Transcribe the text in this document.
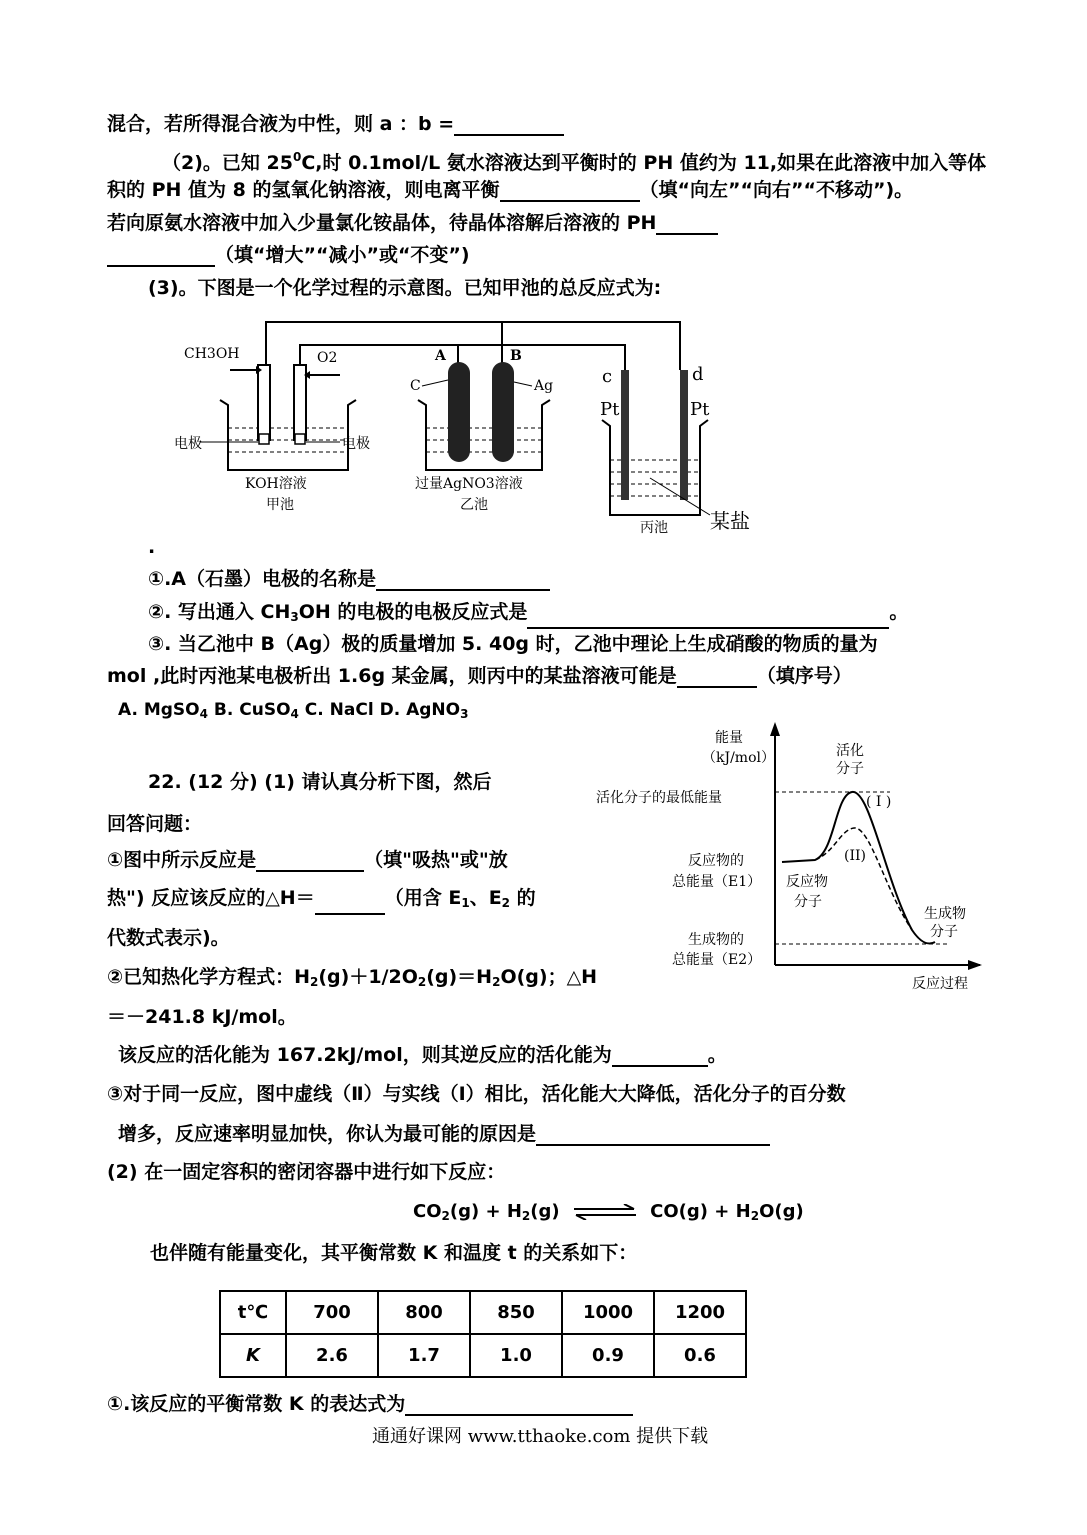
混合，若所得混合液为中性，则 a ：b =
（2)。已知 $25^0C$,时 0.1mol/L 氨水溶液达到平衡时的 PH 值约为 11,如果在此溶液中加入等体
积的 PH 值为 8 的氢氧化钠溶液，则电离平衡	（填“向左”“向右”“不移动”)。
若向原氨水溶液中加入少量氯化铵晶体，待晶体溶解后溶液的 PH
（填“增大”“减小”或“不变”)
(3)。下图是一个化学过程的示意图。已知甲池的总反应式为:
CH3OH	O2
电极	电极
KOH溶液
甲池
A	B
C	Ag
过量AgNO3溶液
乙池
c	d
Pt	Pt
某盐
丙池
.
①.A（石墨）电极的名称是
②. 写出通入 $CH_3OH$ 的电极的电极反应式是	。
③. 当乙池中 B（Ag）极的质量增加 5. 40g 时，乙池中理论上生成硝酸的物质的量为
mol ,此时丙池某电极析出 1.6g 某金属，则丙中的某盐溶液可能是	（填序号）
A. MgSO$_4$ B. CuSO$_4$ C. NaCl D. AgNO$_3$
能量
（kJ/mol）	活化
分子
活化分子的最低能量	( I )
(II)
反应物的
总能量（E1） 反应物
分子
生成物
分子
生成物的
总能量（E2）
反应过程
22. (12 分) (1) 请认真分析下图，然后
回答问题：
①图中所示反应是	（填"吸热"或"放
热") 反应该反应的△H＝	（用含 $E_1$、$E_2$ 的
代数式表示)。
②已知热化学方程式：$H_2(g)+1/2O_2(g)=H_2O(g)$；△H
＝－241.8 kJ/mol。
该反应的活化能为 167.2kJ/mol，则其逆反应的活化能为	。
③对于同一反应，图中虚线（Ⅱ）与实线（Ⅰ）相比，活化能大大降低，活化分子的百分数
增多，反应速率明显加快，你认为最可能的原因是
(2) 在一固定容积的密闭容器中进行如下反应：
$CO_2(g) + H_2(g)$ ⇌ $CO(g) + H_2O(g)$
也伴随有能量变化，其平衡常数 K 和温度 t 的关系如下：
t℃	700	800	850	1000	1200
K	2.6	1.7	1.0	0.9	0.6
①.该反应的平衡常数 K 的表达式为
通通好课网 www.tthaoke.com 提供下载
